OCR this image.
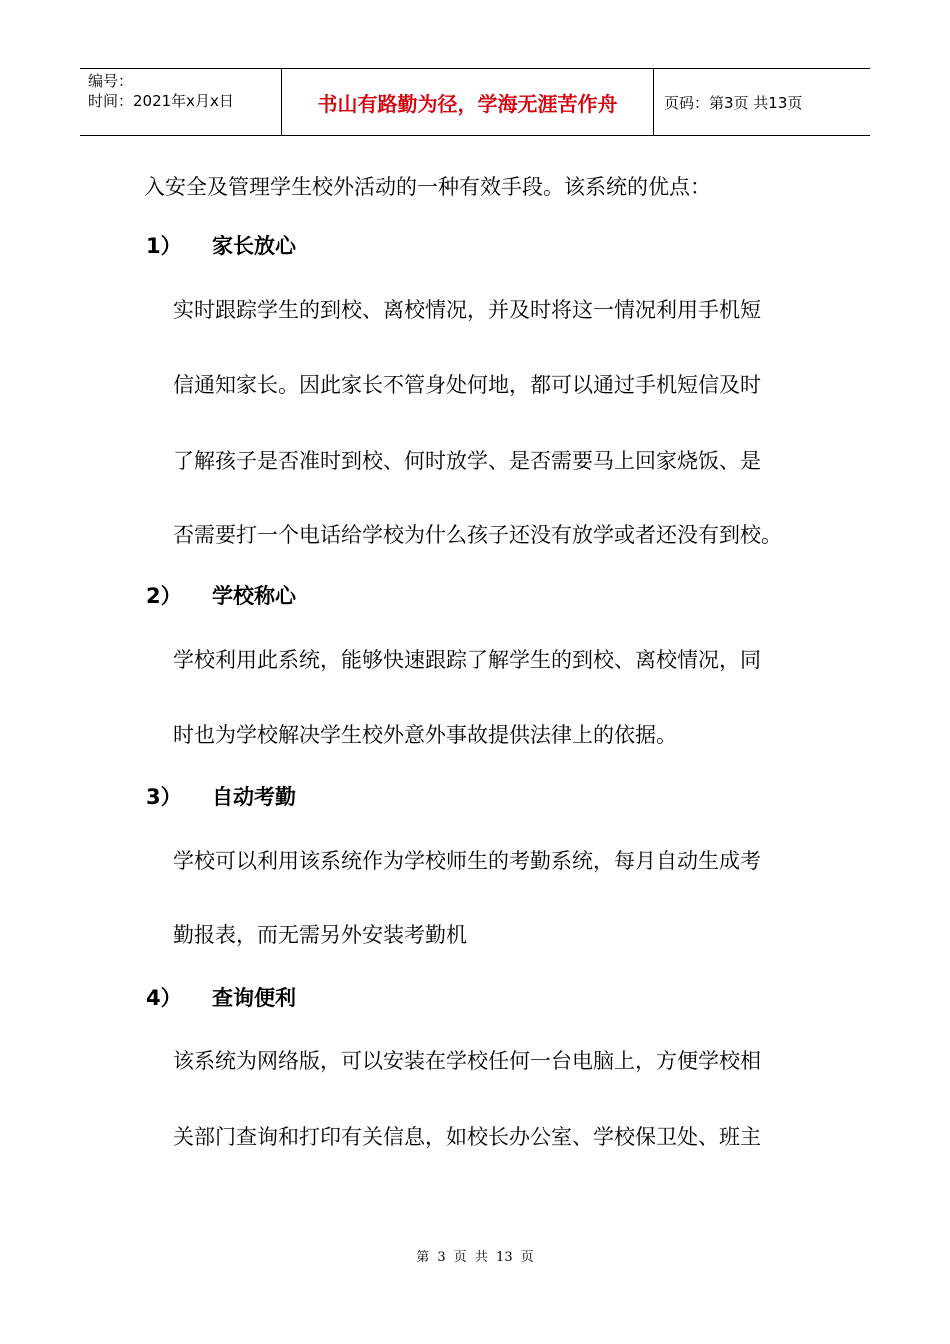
编号：
时间：2021年x月x日	书山有路勤为径，学海无涯苦作舟	页码：第3页 共13页
入安全及管理学生校外活动的一种有效手段。该系统的优点：
1） 家长放心
实时跟踪学生的到校、离校情况，并及时将这一情况利用手机短
信通知家长。因此家长不管身处何地，都可以通过手机短信及时
了解孩子是否准时到校、何时放学、是否需要马上回家烧饭、是
否需要打一个电话给学校为什么孩子还没有放学或者还没有到校。
2） 学校称心
学校利用此系统，能够快速跟踪了解学生的到校、离校情况，同
时也为学校解决学生校外意外事故提供法律上的依据。
3） 自动考勤
学校可以利用该系统作为学校师生的考勤系统，每月自动生成考
勤报表，而无需另外安装考勤机
4） 查询便利
该系统为网络版，可以安装在学校任何一台电脑上，方便学校相
关部门查询和打印有关信息，如校长办公室、学校保卫处、班主
第 3 页 共 13 页
